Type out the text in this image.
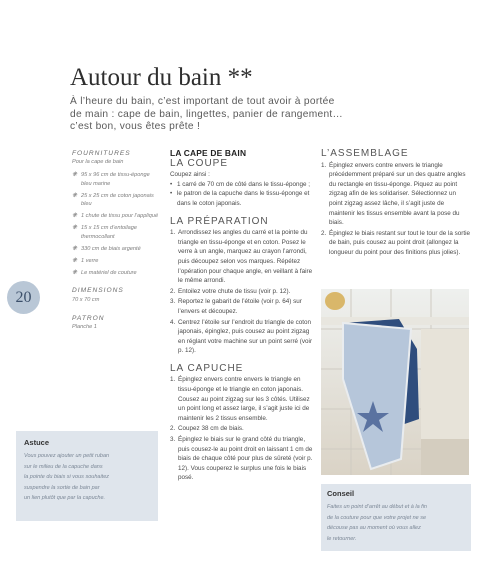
Autour du bain **
À l’heure du bain, c’est important de tout avoir à portée
de main : cape de bain, lingettes, panier de rangement…
c’est bon, vous êtes prête !

FOURNITURES

Pour la cape de bain

❋ 95 x 96 cm de tissu-éponge bleu marine
❋ 25 x 25 cm de coton japonais bleu
❋ 1 chute de tissu pour l’appliqué
❋ 15 x 15 cm d’entoilage thermocollant
❋ 330 cm de biais argenté
❋ 1 verre
❋ Le matériel de couture

DIMENSIONS

70 x 70 cm

PATRON

Planche 1

20

Astuce

Vous pouvez ajouter un petit ruban
sur le milieu de la capuche dans
la pointe du biais si vous souhaitez
suspendre la sortie de bain par
un lien plutôt que par la capuche.

LA CAPE DE BAIN

LA COUPE

Coupez ainsi :

• 1 carré de 70 cm de côté dans le tissu-éponge ;
• le patron de la capuche dans le tissu-éponge et dans le coton japonais.

LA PRÉPARATION

1. Arrondissez les angles du carré et la pointe du triangle en tissu-éponge et en coton. Posez le verre à un angle, marquez au crayon l’arrondi, puis découpez selon vos marques. Répétez l’opération pour chaque angle, en veillant à faire le même arrondi.
2. Entoilez votre chute de tissu (voir p. 12).
3. Reportez le gabarit de l’étoile (voir p. 64) sur l’envers et découpez.
4. Centrez l’étoile sur l’endroit du triangle de coton japonais, épinglez, puis cousez au point zigzag en réglant votre machine sur un point serré (voir p. 12).

LA CAPUCHE

1. Épinglez envers contre envers le triangle en tissu-éponge et le triangle en coton japonais. Cousez au point zigzag sur les 3 côtés. Utilisez un point long et assez large, il s’agit juste ici de maintenir les 2 tissus ensemble.
2. Coupez 38 cm de biais.
3. Épinglez le biais sur le grand côté du triangle, puis cousez-le au point droit en laissant 1 cm de biais de chaque côté pour plus de sûreté (voir p. 12). Vous couperez le surplus une fois le biais posé.

L’ASSEMBLAGE

1. Épinglez envers contre envers le triangle précédemment préparé sur un des quatre angles du rectangle en tissu-éponge. Piquez au point zigzag afin de les solidariser. Sélectionnez un point zigzag assez lâche, il s’agit juste de maintenir les tissus ensemble avant la pose du biais.
2. Épinglez le biais restant sur tout le tour de la sortie de bain, puis cousez au point droit (allongez la longueur du point pour des finitions plus jolies).

Conseil

Faites un point d’arrêt au début et à la fin
de la couture pour que votre projet ne se
découse pas au moment où vous allez
le retourner.
